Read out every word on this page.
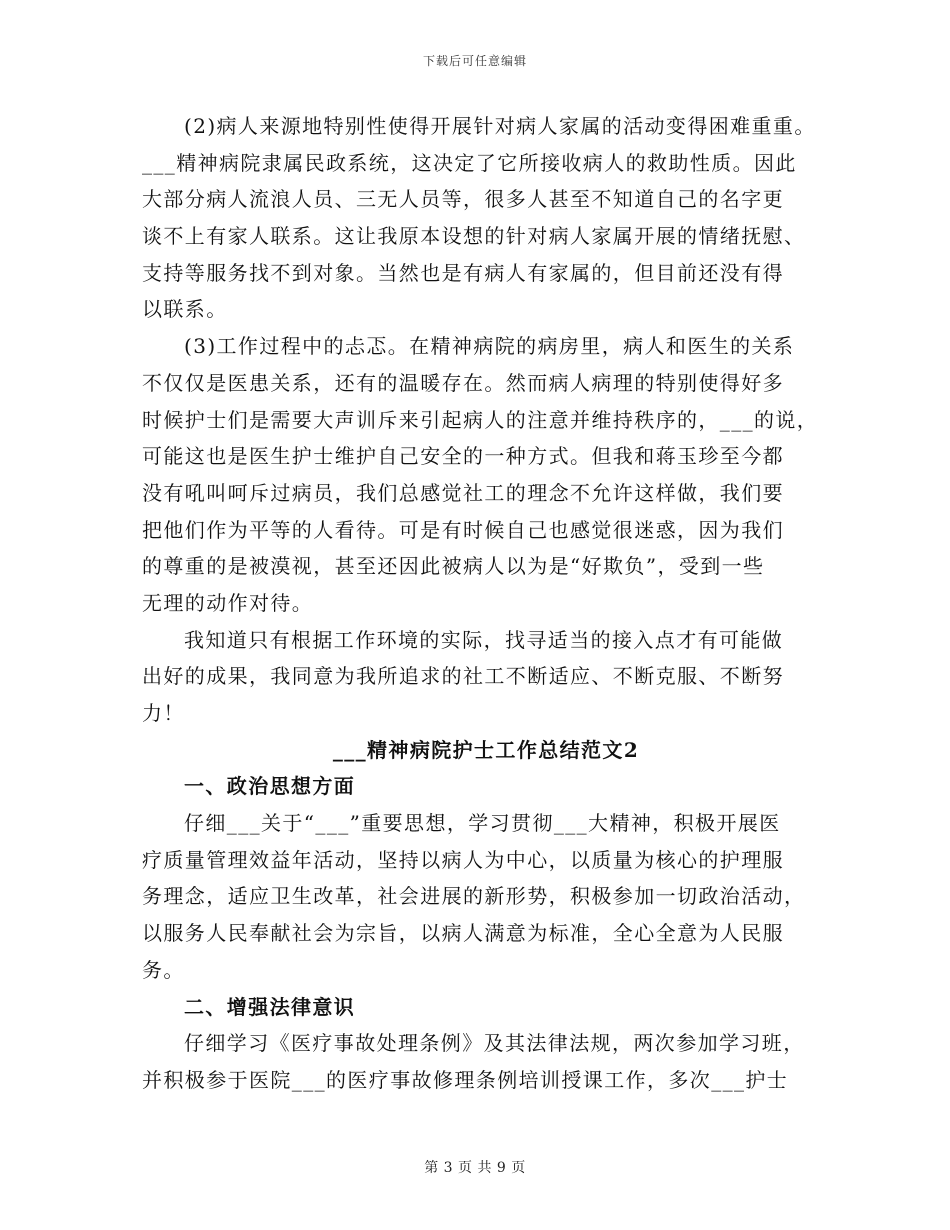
下载后可任意编辑
(2)病人来源地特别性使得开展针对病人家属的活动变得困难重重。
___精神病院隶属民政系统，这决定了它所接收病人的救助性质。因此
大部分病人流浪人员、三无人员等，很多人甚至不知道自己的名字更
谈不上有家人联系。这让我原本设想的针对病人家属开展的情绪抚慰、
支持等服务找不到对象。当然也是有病人有家属的，但目前还没有得
以联系。
(3)工作过程中的忐忑。在精神病院的病房里，病人和医生的关系
不仅仅是医患关系，还有的温暖存在。然而病人病理的特别使得好多
时候护士们是需要大声训斥来引起病人的注意并维持秩序的，___的说，
可能这也是医生护士维护自己安全的一种方式。但我和蒋玉珍至今都
没有吼叫呵斥过病员，我们总感觉社工的理念不允许这样做，我们要
把他们作为平等的人看待。可是有时候自己也感觉很迷惑，因为我们
的尊重的是被漠视，甚至还因此被病人以为是“好欺负”，受到一些
无理的动作对待。
我知道只有根据工作环境的实际，找寻适当的接入点才有可能做
出好的成果，我同意为我所追求的社工不断适应、不断克服、不断努
力！
___精神病院护士工作总结范文2
一、政治思想方面
仔细___关于“___”重要思想，学习贯彻___大精神，积极开展医
疗质量管理效益年活动，坚持以病人为中心，以质量为核心的护理服
务理念，适应卫生改革，社会进展的新形势，积极参加一切政治活动，
以服务人民奉献社会为宗旨，以病人满意为标准，全心全意为人民服
务。
二、增强法律意识
仔细学习《医疗事故处理条例》及其法律法规，两次参加学习班，
并积极参于医院___的医疗事故修理条例培训授课工作，多次___护士
第 3 页 共 9 页
